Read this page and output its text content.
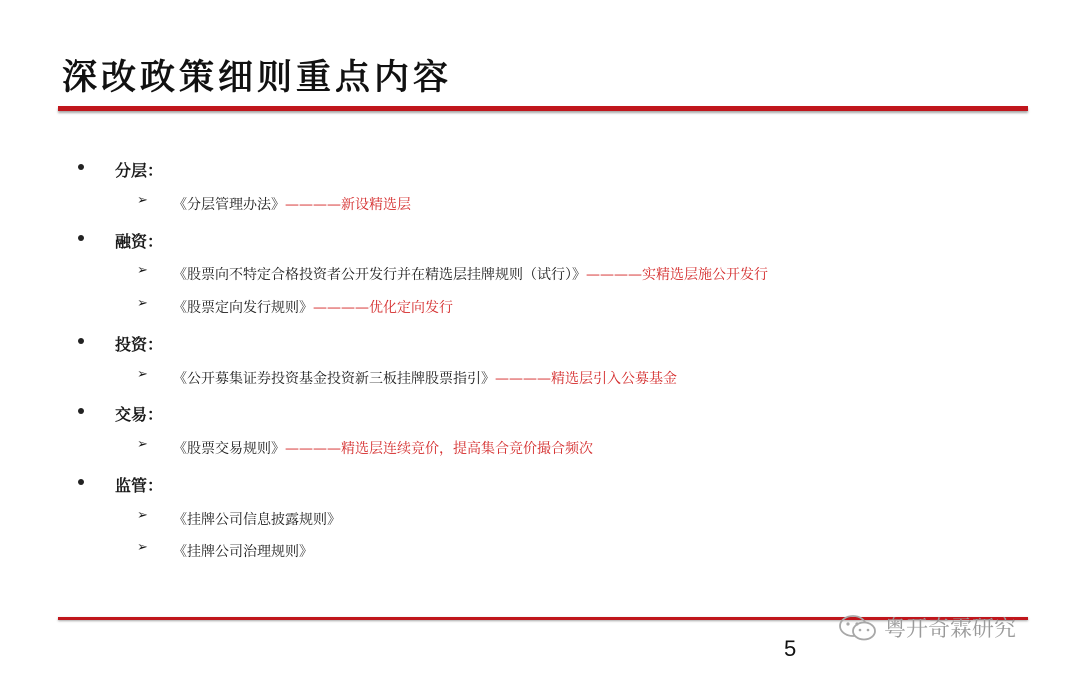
深改政策细则重点内容
分层：
➢ 《分层管理办法》————新设精选层
融资：
➢ 《股票向不特定合格投资者公开发行并在精选层挂牌规则（试行）》————实精选层施公开发行
➢ 《股票定向发行规则》————优化定向发行
投资：
➢ 《公开募集证券投资基金投资新三板挂牌股票指引》————精选层引入公募基金
交易：
➢ 《股票交易规则》————精选层连续竞价，提高集合竞价撮合频次
监管：
➢ 《挂牌公司信息披露规则》
➢ 《挂牌公司治理规则》
5
粤开奇霖研究
